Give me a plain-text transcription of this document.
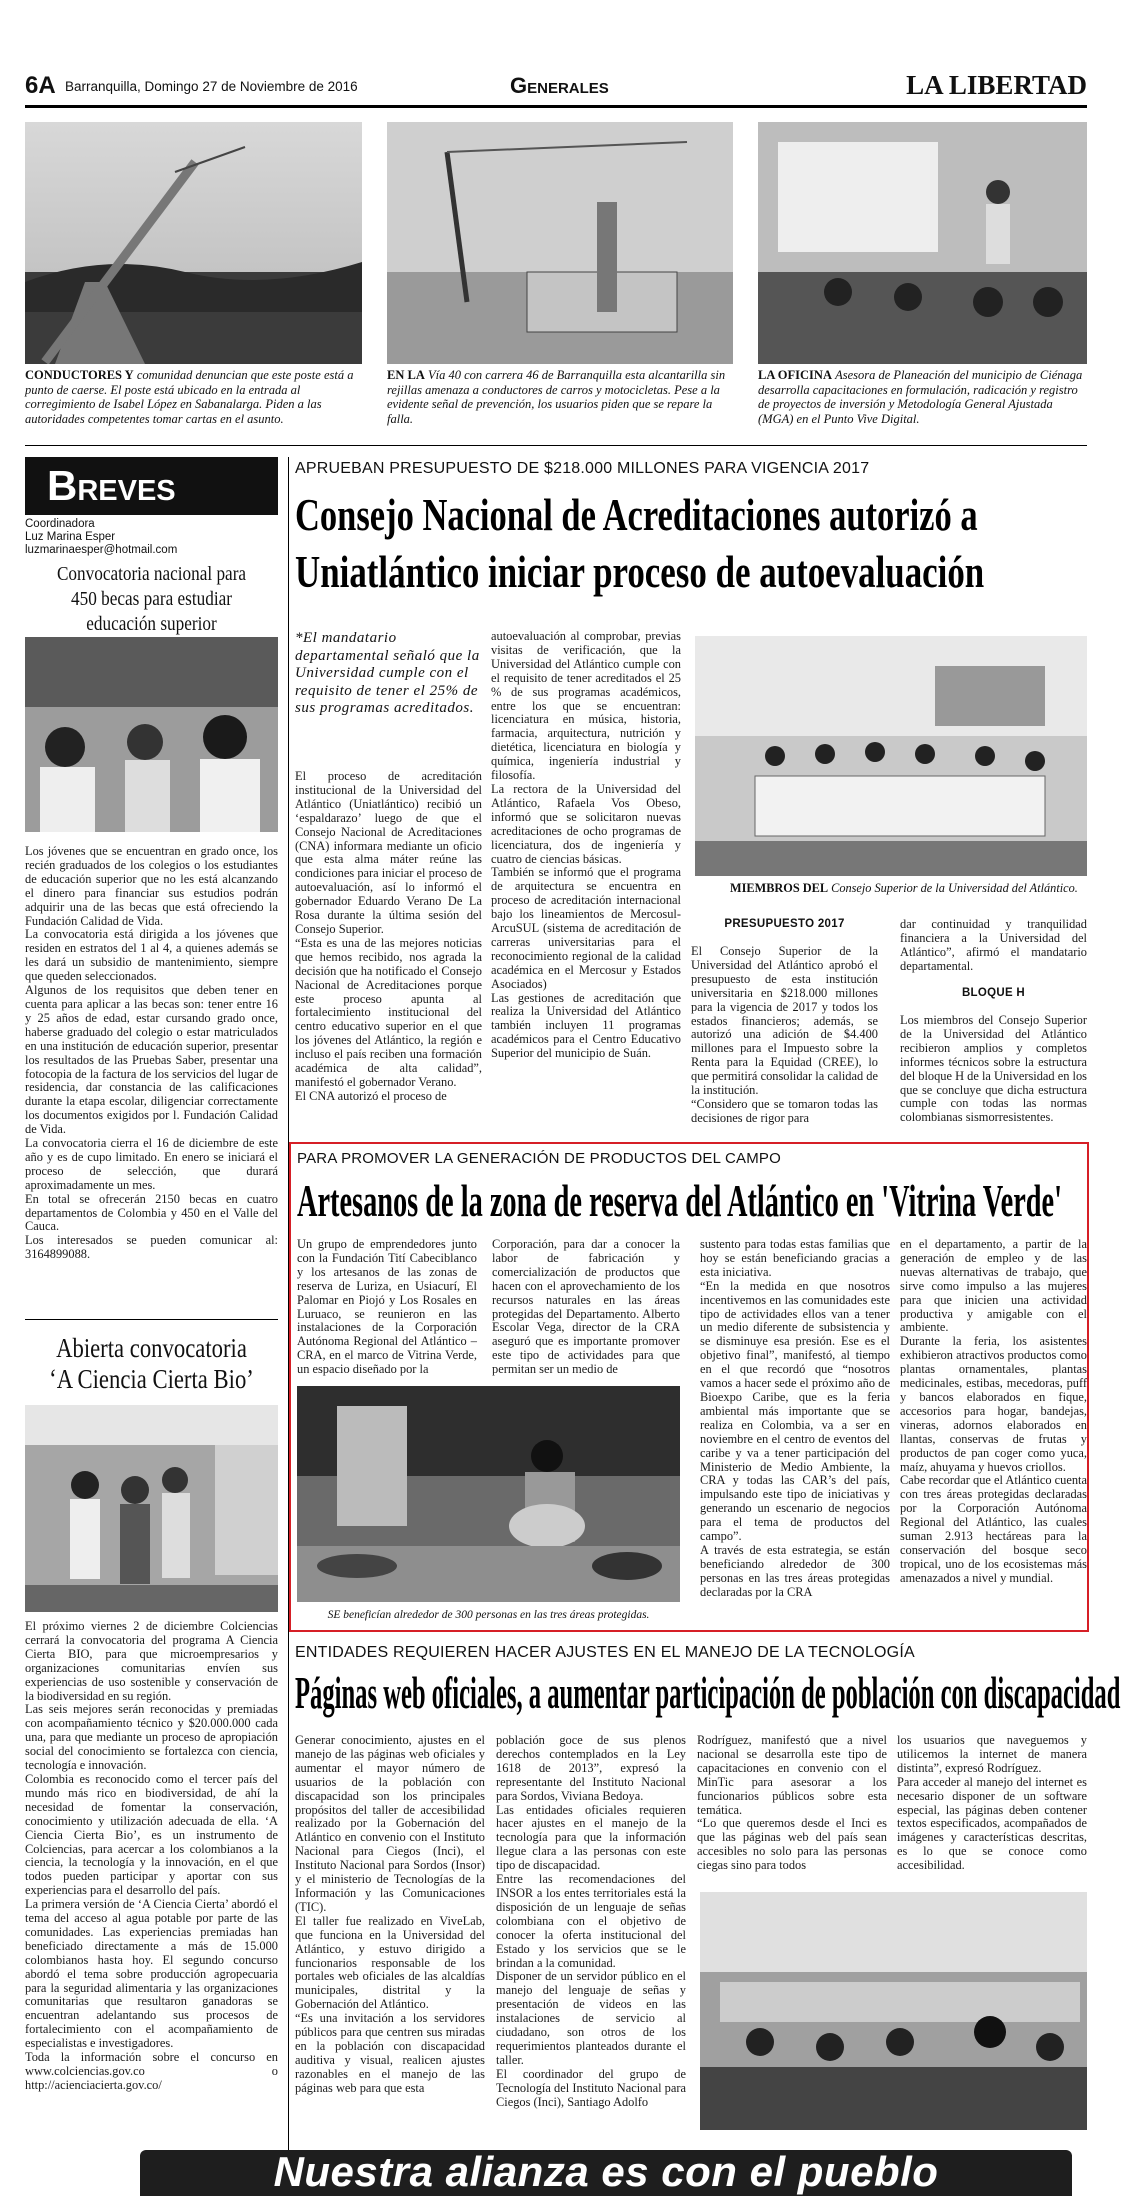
6A Barranquilla, Domingo 27 de Noviembre de 2016	Generales	LA LIBERTAD
CONDUCTORES Y comunidad denuncian que este poste está a punto de caerse. El poste está ubicado en la entrada al corregimiento de Isabel López en Sabanalarga. Piden a las autoridades competentes tomar cartas en el asunto.
EN LA Vía 40 con carrera 46 de Barranquilla esta alcantarilla sin rejillas amenaza a conductores de carros y motocicletas. Pese a la evidente señal de prevención, los usuarios piden que se repare la falla.
LA OFICINA Asesora de Planeación del municipio de Ciénaga desarrolla capacitaciones en formulación, radicación y registro de proyectos de inversión y Metodología General Ajustada (MGA) en el Punto Vive Digital.
Breves
Coordinadora
Luz Marina Esper
luzmarinaesper@hotmail.com
Convocatoria nacional para 450 becas para estudiar educación superior

Los jóvenes que se encuentran en grado once, los recién graduados de los colegios o los estudiantes de educación superior que no les está alcanzando el dinero para financiar sus estudios podrán adquirir una de las becas que está ofreciendo la Fundación Calidad de Vida.

La convocatoria está dirigida a los jóvenes que residen en estratos del 1 al 4, a quienes además se les dará un subsidio de mantenimiento, siempre que queden seleccionados.

Algunos de los requisitos que deben tener en cuenta para aplicar a las becas son: tener entre 16 y 25 años de edad, estar cursando grado once, haberse graduado del colegio o estar matriculados en una institución de educación superior, presentar los resultados de las Pruebas Saber, presentar una fotocopia de la factura de los servicios del lugar de residencia, dar constancia de las calificaciones durante la etapa escolar, diligenciar correctamente los documentos exigidos por l. Fundación Calidad de Vida.

La convocatoria cierra el 16 de diciembre de este año y es de cupo limitado. En enero se iniciará el proceso de selección, que durará aproximadamente un mes.

En total se ofrecerán 2150 becas en cuatro departamentos de Colombia y 450 en el Valle del Cauca.

Los interesados se pueden comunicar al: 3164899088.

Abierta convocatoria ‘A Ciencia Cierta Bio’

El próximo viernes 2 de diciembre Colciencias cerrará la convocatoria del programa A Ciencia Cierta BIO, para que microempresarios y organizaciones comunitarias envíen sus experiencias de uso sostenible y conservación de la biodiversidad en su región.

Las seis mejores serán reconocidas y premiadas con acompañamiento técnico y $20.000.000 cada una, para que mediante un proceso de apropiación social del conocimiento se fortalezca con ciencia, tecnología e innovación.

Colombia es reconocido como el tercer país del mundo más rico en biodiversidad, de ahí la necesidad de fomentar la conservación, conocimiento y utilización adecuada de ella. ‘A Ciencia Cierta Bio’, es un instrumento de Colciencias, para acercar a los colombianos a la ciencia, la tecnología y la innovación, en el que todos pueden participar y aportar con sus experiencias para el desarrollo del país.

La primera versión de ‘A Ciencia Cierta’ abordó el tema del acceso al agua potable por parte de las comunidades. Las experiencias premiadas han beneficiado directamente a más de 15.000 colombianos hasta hoy. El segundo concurso abordó el tema sobre producción agropecuaria para la seguridad alimentaria y las organizaciones comunitarias que resultaron ganadoras se encuentran adelantando sus procesos de fortalecimiento con el acompañamiento de especialistas e investigadores.

Toda la información sobre el concurso en www.colciencias.gov.co o http://acienciacierta.gov.co/

APRUEBAN PRESUPUESTO DE $218.000 MILLONES PARA VIGENCIA 2017
Consejo Nacional de Acreditaciones autorizó a
Uniatlántico iniciar proceso de autoevaluación
*El mandatario departamental señaló que la Universidad cumple con el requisito de tener el 25% de sus programas acreditados.

El proceso de acreditación institucional de la Universidad del Atlántico (Uniatlántico) recibió un ‘espaldarazo’ luego de que el Consejo Nacional de Acreditaciones (CNA) informara mediante un oficio que esta alma máter reúne las condiciones para iniciar el proceso de autoevaluación, así lo informó el gobernador Eduardo Verano De La Rosa durante la última sesión del Consejo Superior.

“Esta es una de las mejores noticias que hemos recibido, nos agrada la decisión que ha notificado el Consejo Nacional de Acreditaciones porque este proceso apunta al fortalecimiento institucional del centro educativo superior en el que los jóvenes del Atlántico, la región e incluso el país reciben una formación académica de alta calidad”, manifestó el gobernador Verano.

El CNA autorizó el proceso de

autoevaluación al comprobar, previas visitas de verificación, que la Universidad del Atlántico cumple con el requisito de tener acreditados el 25 % de sus programas académicos, entre los que se encuentran: licenciatura en música, historia, farmacia, arquitectura, nutrición y dietética, licenciatura en biología y química, ingeniería industrial y filosofía.

La rectora de la Universidad del Atlántico, Rafaela Vos Obeso, informó que se solicitaron nuevas acreditaciones de ocho programas de licenciatura, dos de ingeniería y cuatro de ciencias básicas.

También se informó que el programa de arquitectura se encuentra en proceso de acreditación internacional bajo los lineamientos de Mercosul-ArcuSUL (sistema de acreditación de carreras universitarias para el reconocimiento regional de la calidad académica en el Mercosur y Estados Asociados)

Las gestiones de acreditación que realiza la Universidad del Atlántico también incluyen 11 programas académicos para el Centro Educativo Superior del municipio de Suán.

MIEMBROS DEL Consejo Superior de la Universidad del Atlántico.
PRESUPUESTO 2017

El Consejo Superior de la Universidad del Atlántico aprobó el presupuesto de esta institución universitaria en $218.000 millones para la vigencia de 2017 y todos los estados financieros; además, se autorizó una adición de $4.400 millones para el Impuesto sobre la Renta para la Equidad (CREE), lo que permitirá consolidar la calidad de la institución.

“Considero que se tomaron todas las decisiones de rigor para

dar continuidad y tranquilidad financiera a la Universidad del Atlántico”, afirmó el mandatario departamental.
BLOQUE H
Los miembros del Consejo Superior de la Universidad del Atlántico recibieron amplios y completos informes técnicos sobre la estructura del bloque H de la Universidad en los que se concluye que dicha estructura cumple con todas las normas colombianas sismorresistentes.
PARA PROMOVER LA GENERACIÓN DE PRODUCTOS DEL CAMPO
Artesanos de la zona de reserva del Atlántico en 'Vitrina Verde'
Un grupo de emprendedores junto con la Fundación Tití Cabeciblanco y los artesanos de las zonas de reserva de Luriza, en Usiacurí, El Palomar en Piojó y Los Rosales en Luruaco, se reunieron en las instalaciones de la Corporación Autónoma Regional del Atlántico –CRA, en el marco de Vitrina Verde, un espacio diseñado por la
Corporación, para dar a conocer la labor de fabricación y comercialización de productos que hacen con el aprovechamiento de los recursos naturales en las áreas protegidas del Departamento. Alberto Escolar Vega, director de la CRA aseguró que es importante promover este tipo de actividades para que permitan ser un medio de
SE beneficían alrededor de 300 personas en las tres áreas protegidas.

sustento para todas estas familias que hoy se están beneficiando gracias a esta iniciativa.

“En la medida en que nosotros incentivemos en las comunidades este tipo de actividades ellos van a tener un medio diferente de subsistencia y se disminuye esa presión. Ese es el objetivo final”, manifestó, al tiempo en el que recordó que “nosotros vamos a hacer sede el próximo año de Bioexpo Caribe, que es la feria ambiental más importante que se realiza en Colombia, va a ser en noviembre en el centro de eventos del caribe y va a tener participación del Ministerio de Medio Ambiente, la CRA y todas las CAR’s del país, impulsando este tipo de iniciativas y generando un escenario de negocios para el tema de productos del campo”.

A través de esta estrategia, se están beneficiando alrededor de 300 personas en las tres áreas protegidas declaradas por la CRA

en el departamento, a partir de la generación de empleo y de las nuevas alternativas de trabajo, que sirve como impulso a las mujeres para que inicien una actividad productiva y amigable con el ambiente.

Durante la feria, los asistentes exhibieron atractivos productos como plantas ornamentales, plantas medicinales, estibas, mecedoras, puff y bancos elaborados en fique, accesorios para hogar, bandejas, vineras, adornos elaborados en llantas, conservas de frutas y productos de pan coger como yuca, maíz, ahuyama y huevos criollos.

Cabe recordar que el Atlántico cuenta con tres áreas protegidas declaradas por la Corporación Autónoma Regional del Atlántico, las cuales suman 2.913 hectáreas para la conservación del bosque seco tropical, uno de los ecosistemas más amenazados a nivel y mundial.

ENTIDADES REQUIEREN HACER AJUSTES EN EL MANEJO DE LA TECNOLOGÍA
Páginas web oficiales, a aumentar participación de población con discapacidad

Generar conocimiento, ajustes en el manejo de las páginas web oficiales y aumentar el mayor número de usuarios de la población con discapacidad son los principales propósitos del taller de accesibilidad realizado por la Gobernación del Atlántico en convenio con el Instituto Nacional para Ciegos (Inci), el Instituto Nacional para Sordos (Insor) y el ministerio de Tecnologías de la Información y las Comunicaciones (TIC).

El taller fue realizado en ViveLab, que funciona en la Universidad del Atlántico, y estuvo dirigido a funcionarios responsable de los portales web oficiales de las alcaldías municipales, distrital y la Gobernación del Atlántico.

“Es una invitación a los servidores públicos para que centren sus miradas en la población con discapacidad auditiva y visual, realicen ajustes razonables en el manejo de las páginas web para que esta

población goce de sus plenos derechos contemplados en la Ley 1618 de 2013”, expresó la representante del Instituto Nacional para Sordos, Viviana Bedoya.

Las entidades oficiales requieren hacer ajustes en el manejo de la tecnología para que la información llegue clara a las personas con este tipo de discapacidad.

Entre las recomendaciones del INSOR a los entes territoriales está la disposición de un lenguaje de señas colombiana con el objetivo de conocer la oferta institucional del Estado y los servicios que se le brindan a la comunidad.

Disponer de un servidor público en el manejo del lenguaje de señas y presentación de videos en las instalaciones de servicio al ciudadano, son otros de los requerimientos planteados durante el taller.

El coordinador del grupo de Tecnología del Instituto Nacional para Ciegos (Inci), Santiago Adolfo

Rodríguez, manifestó que a nivel nacional se desarrolla este tipo de capacitaciones en convenio con el MinTic para asesorar a los funcionarios públicos sobre esta temática.

“Lo que queremos desde el Inci es que las páginas web del país sean accesibles no solo para las personas ciegas sino para todos

los usuarios que naveguemos y utilicemos la internet de manera distinta”, expresó Rodríguez.

Para acceder al manejo del internet es necesario disponer de un software especial, las páginas deben contener textos especificados, acompañados de imágenes y características descritas, es lo que se conoce como accesibilidad.

Nuestra alianza es con el pueblo
